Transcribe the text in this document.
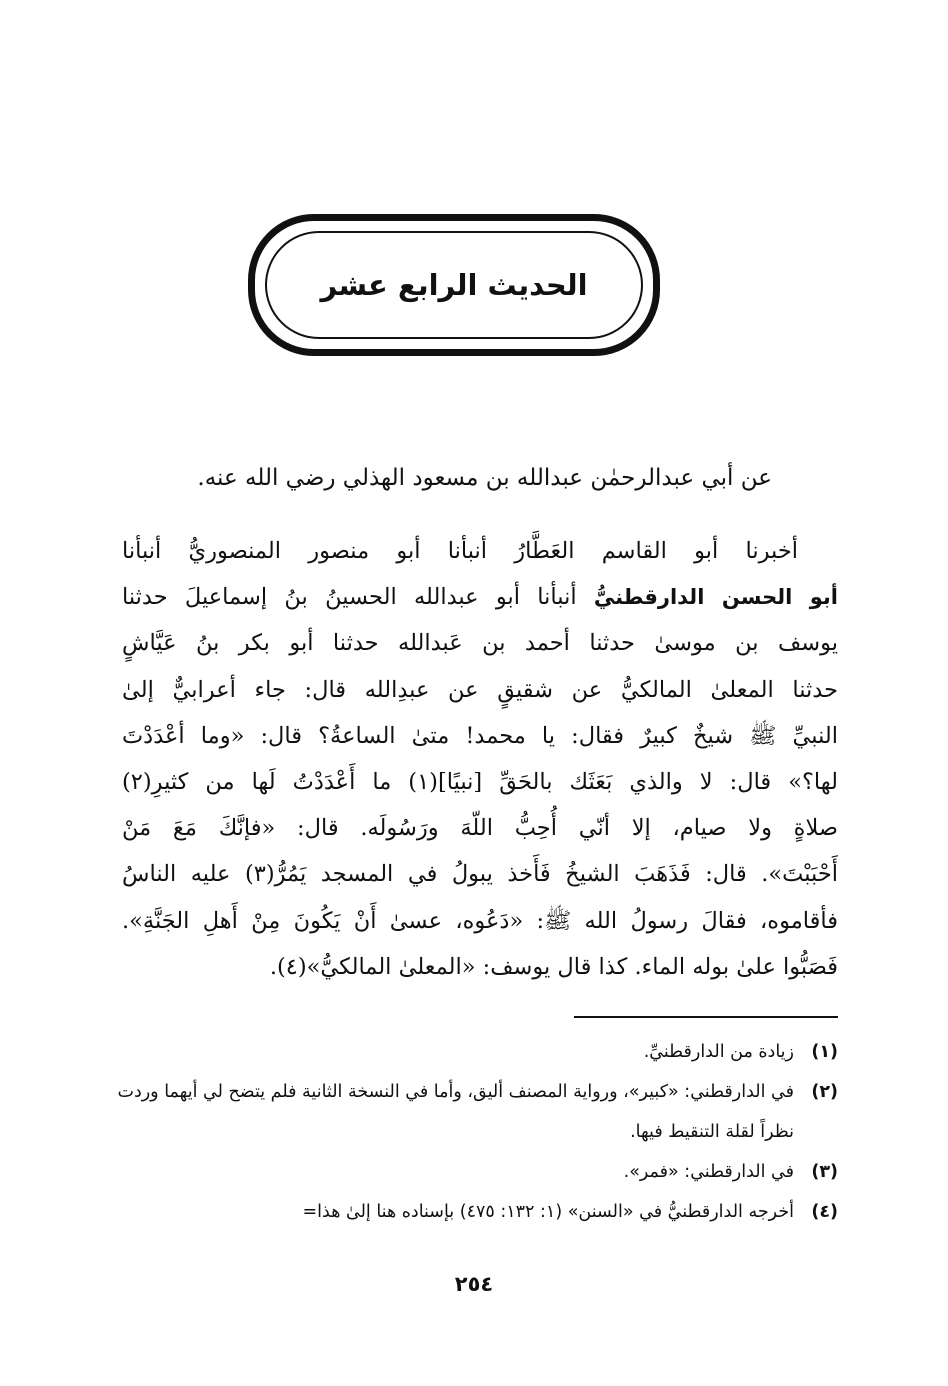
الحديث الرابع عشر
عن أبي عبدالرحمٰن عبدالله بن مسعود الهذلي رضي الله عنه.
أخبرنا أبو القاسم العَطَّارُ أنبأنا أبو منصور المنصوريُّ أنبأنا
أبو الحسن الدارقطنيُّ أنبأنا أبو عبدالله الحسينُ بنُ إسماعيلَ حدثنا
يوسف بن موسىٰ حدثنا أحمد بن عَبدالله حدثنا أبو بكر بنُ عَيَّاشٍ
حدثنا المعلىٰ المالكيُّ عن شقيقٍ عن عبدِالله قال: جاء أعرابيٌّ إلىٰ
النبيِّ ﷺ شيخٌ كبيرٌ فقال: يا محمد! متىٰ الساعةُ؟ قال: «وما أعْدَدْتَ
لها؟» قال: لا والذي بَعَثَك بالحَقِّ [نبيًا](١) ما أَعْدَدْتُ لَها من كثيرِ(٢)
صلاةٍ ولا صيام، إلا أنّي أُحِبُّ اللّهَ ورَسُولَه. قال: «فإنَّكَ مَعَ مَنْ
أَحْبَبْتَ». قال: فَذَهَبَ الشيخُ فَأَخذ يبولُ في المسجد يَمُرُّ(٣) عليه الناسُ
فأقاموه، فقالَ رسولُ الله ﷺ: «دَعُوه، عسىٰ أَنْ يَكُونَ مِنْ أَهلِ الجَنَّةِ».
فَصَبُّوا علىٰ بوله الماء. كذا قال يوسف: «المعلىٰ المالكيُّ»(٤).
(١)
زيادة من الدارقطنيِّ.
(٢)
في الدارقطني: «كبير»، ورواية المصنف أليق، وأما في النسخة الثانية فلم يتضح لي أيهما وردت نظراً لقلة التنقيط فيها.
(٣)
في الدارقطني: «فمر».
(٤)
أخرجه الدارقطنيُّ في «السنن» (١: ١٣٢: ٤٧٥) بإسناده هنا إلىٰ هذا=
٢٥٤
